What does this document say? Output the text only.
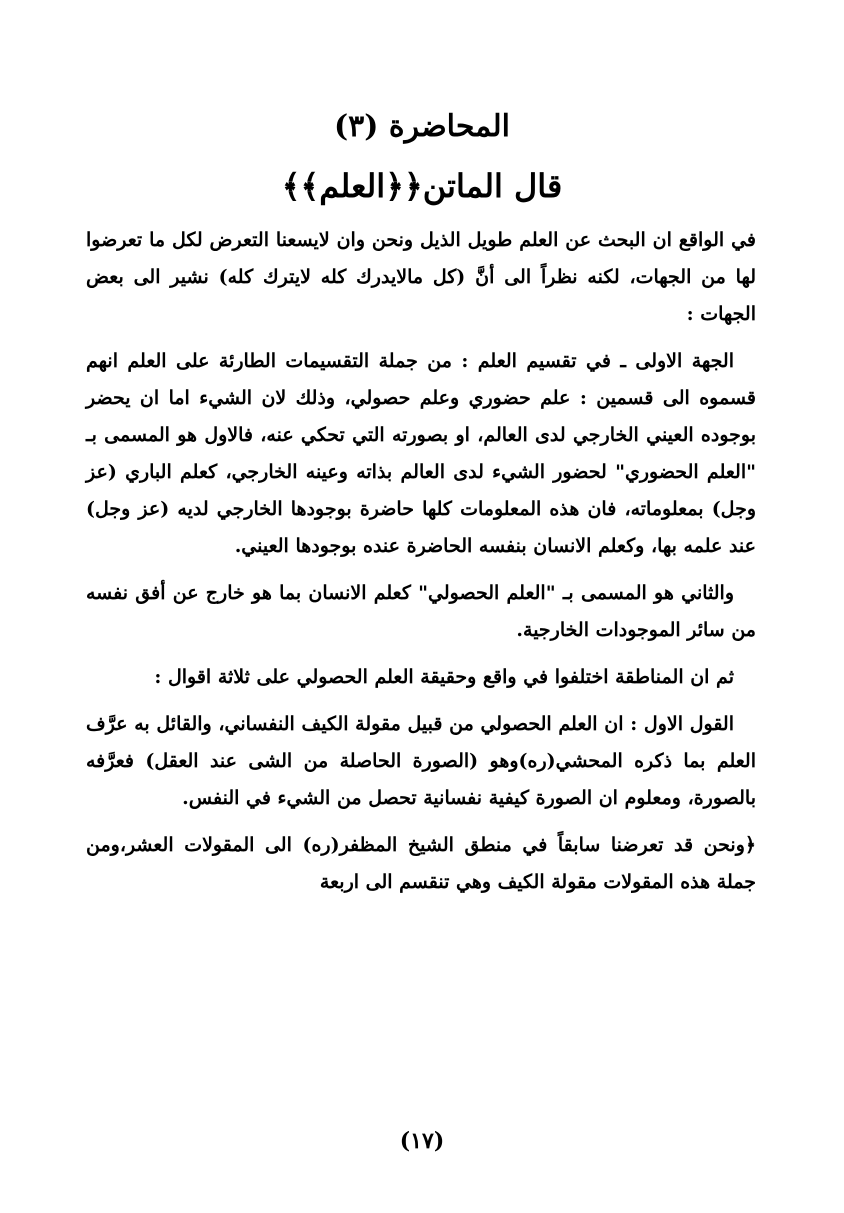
المحاضرة (٣)
قال الماتن﴿﴿العلم﴾﴾

في الواقع ان البحث عن العلم طويل الذيل ونحن وان لايسعنا التعرض لكل ما تعرضوا لها من الجهات، لكنه نظراً الى أنَّ (كل مالايدرك كله لايترك كله) نشير الى بعض الجهات :

الجهة الاولى ـ في تقسيم العلم : من جملة التقسيمات الطارئة على العلم انهم قسموه الى قسمين : علم حضوري وعلم حصولي، وذلك لان الشيء اما ان يحضر بوجوده العيني الخارجي لدى العالم، او بصورته التي تحكي عنه، فالاول هو المسمى بـ "العلم الحضوري" لحضور الشيء لدى العالم بذاته وعينه الخارجي، كعلم الباري (عز وجل) بمعلوماته، فان هذه المعلومات كلها حاضرة بوجودها الخارجي لديه (عز وجل) عند علمه بها، وكعلم الانسان بنفسه الحاضرة عنده بوجودها العيني.

والثاني هو المسمى بـ "العلم الحصولي" كعلم الانسان بما هو خارج عن أفق نفسه من سائر الموجودات الخارجية.

ثم ان المناطقة اختلفوا في واقع وحقيقة العلم الحصولي على ثلاثة اقوال :

القول الاول : ان العلم الحصولي من قبيل مقولة الكيف النفساني، والقائل به عرَّف العلم بما ذكره المحشي(ره)وهو (الصورة الحاصلة من الشى عند العقل) فعرَّفه بالصورة، ومعلوم ان الصورة كيفية نفسانية تحصل من الشيء في النفس.

﴿ونحن قد تعرضنا سابقاً في منطق الشيخ المظفر(ره) الى المقولات العشر،ومن جملة هذه المقولات مقولة الكيف وهي تنقسم الى اربعة

(١٧)
